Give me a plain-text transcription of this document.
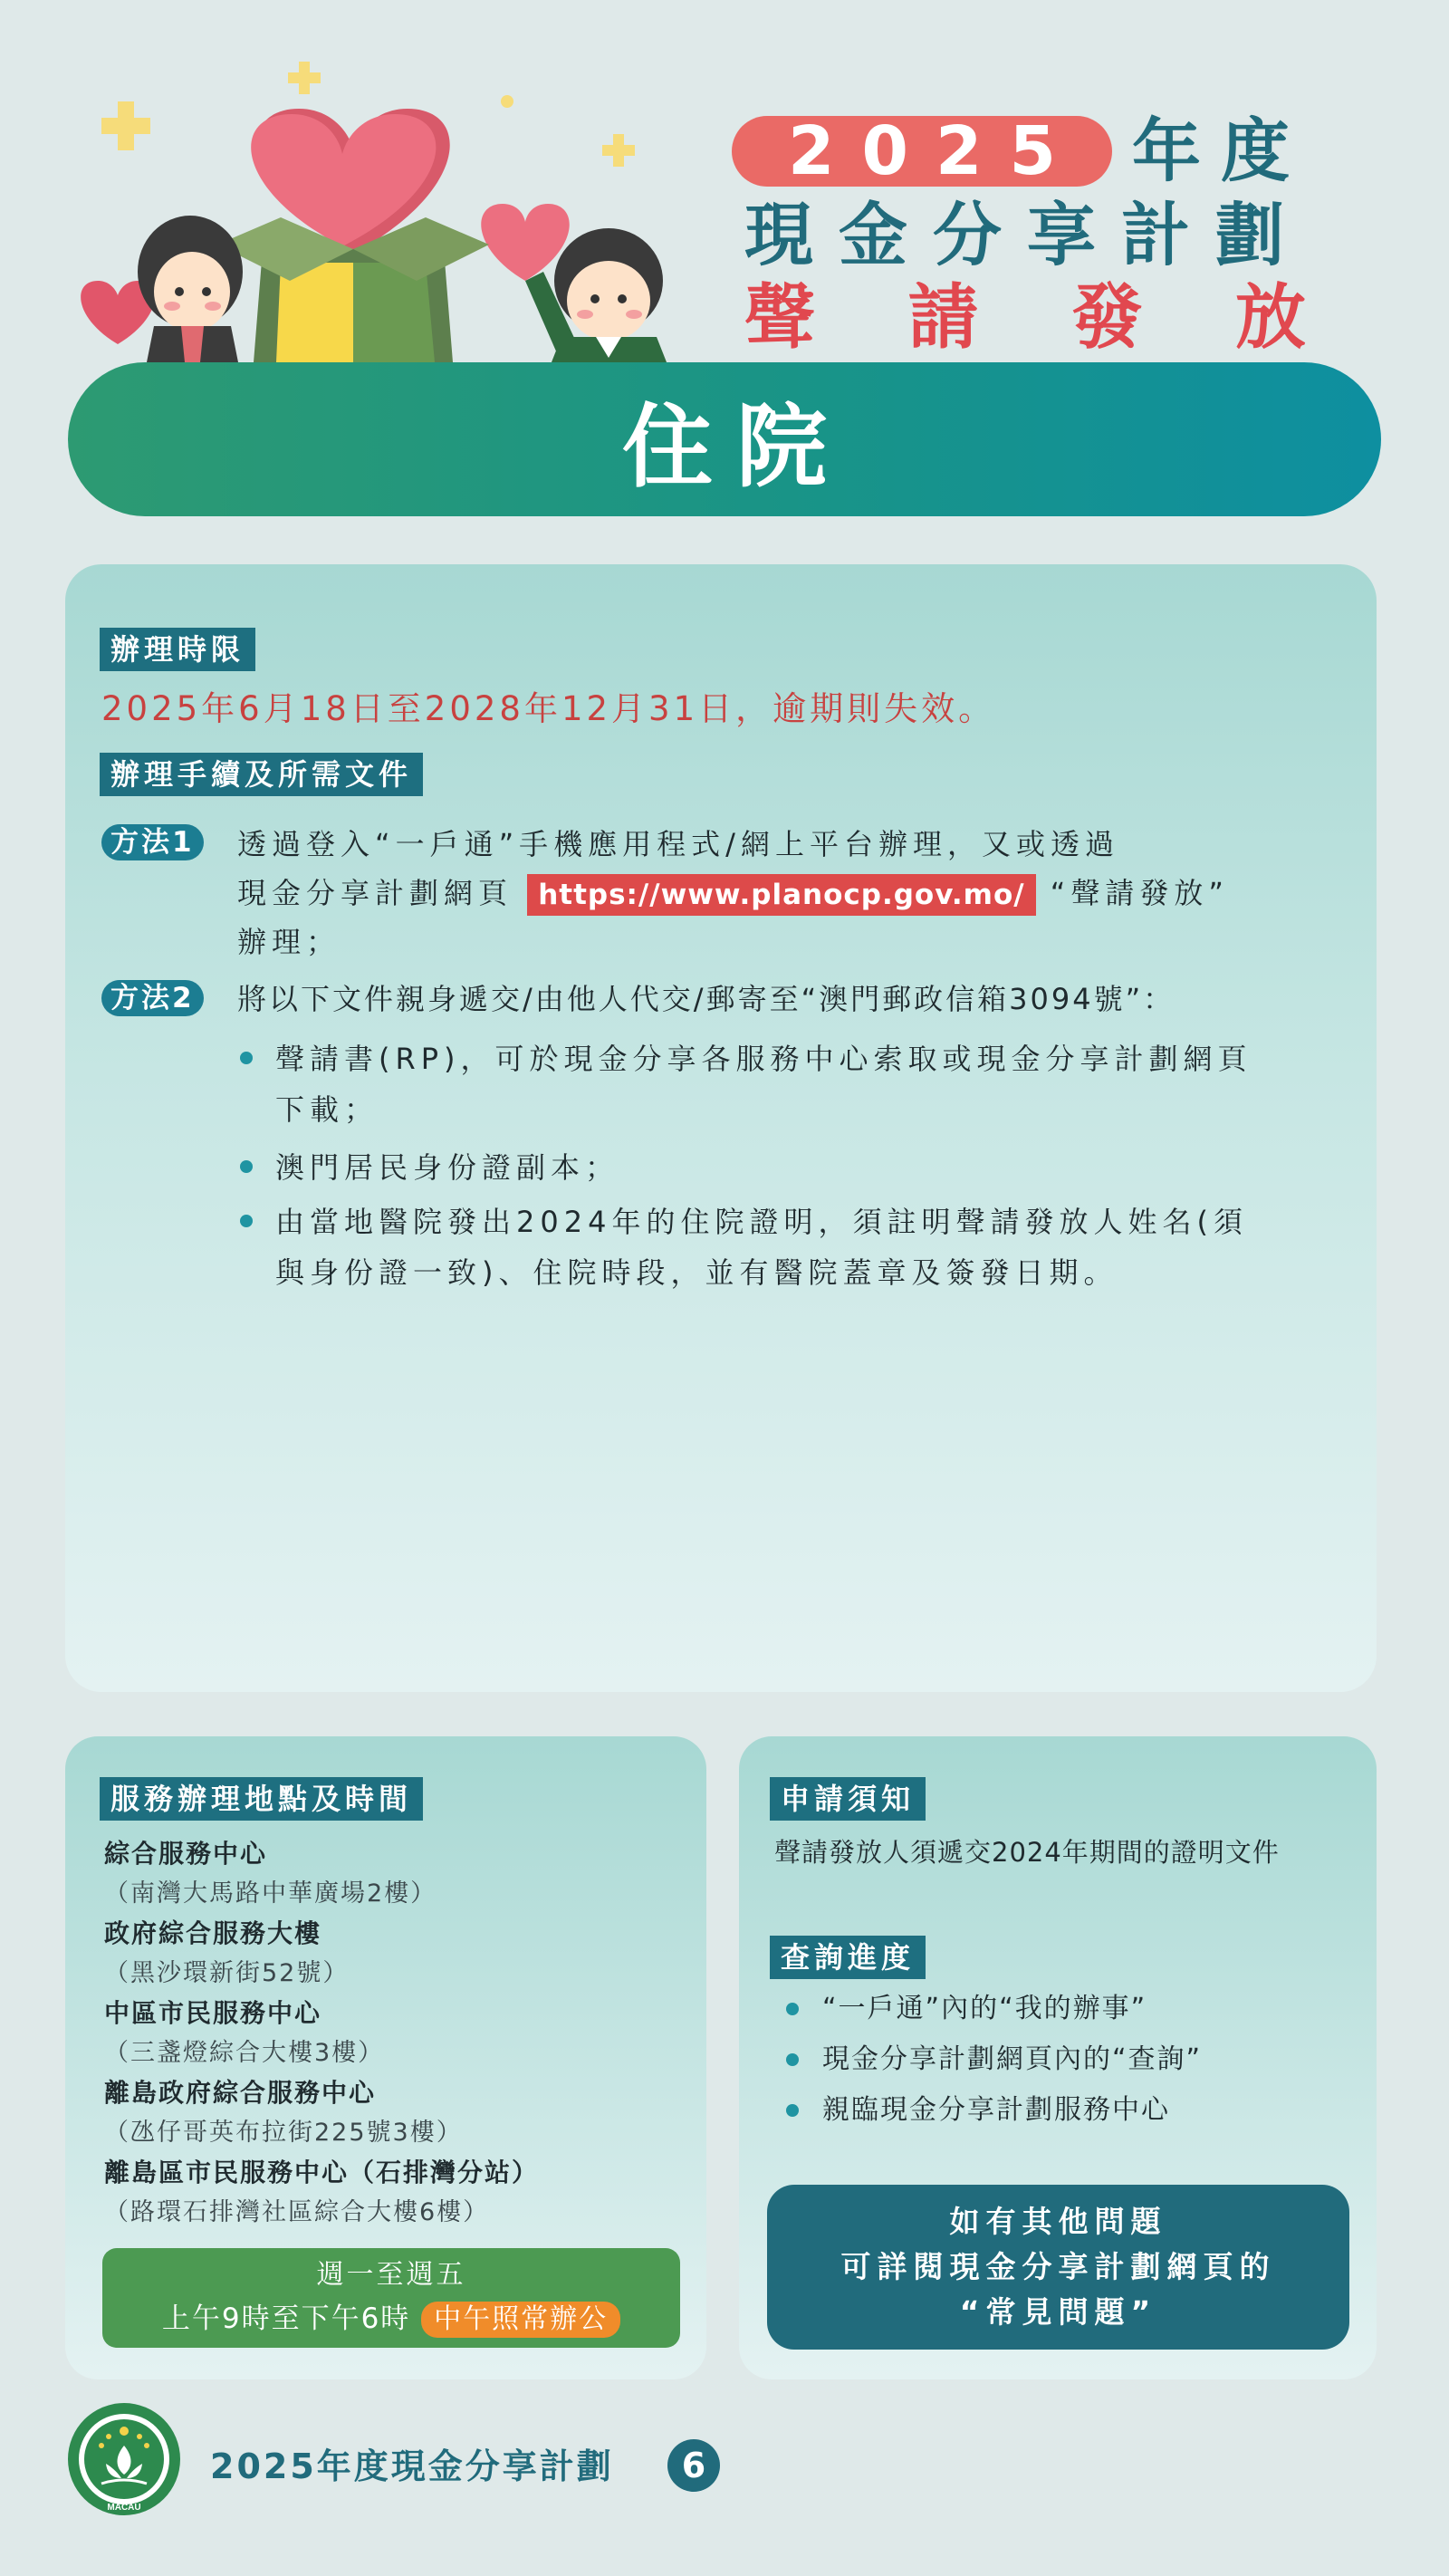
2025 年度
現金分享計劃
聲 請 發 放
住院
辦理時限
2025年6月18日至2028年12月31日，逾期則失效。
辦理手續及所需文件
方法1	透過登入“一戶通”手機應用程式/網上平台辦理，又或透過
現金分享計劃網頁 https://www.planocp.gov.mo/ “聲請發放”
辦理；
方法2	將以下文件親身遞交/由他人代交/郵寄至“澳門郵政信箱3094號”：
聲請書(RP)，可於現金分享各服務中心索取或現金分享計劃網頁
下載；
澳門居民身份證副本；
由當地醫院發出2024年的住院證明，須註明聲請發放人姓名(須
與身份證一致)、住院時段，並有醫院蓋章及簽發日期。
服務辦理地點及時間
綜合服務中心
（南灣大馬路中華廣場2樓）
政府綜合服務大樓
（黑沙環新街52號）
中區市民服務中心
（三盞燈綜合大樓3樓）
離島政府綜合服務中心
（氹仔哥英布拉街225號3樓）
離島區市民服務中心（石排灣分站）
（路環石排灣社區綜合大樓6樓）
週一至週五
上午9時至下午6時 中午照常辦公
申請須知
聲請發放人須遞交2024年期間的證明文件
查詢進度
“一戶通”內的“我的辦事”
現金分享計劃網頁內的“查詢”
親臨現金分享計劃服務中心
如有其他問題
可詳閱現金分享計劃網頁的
“常見問題”
MACAU
2025年度現金分享計劃	6
